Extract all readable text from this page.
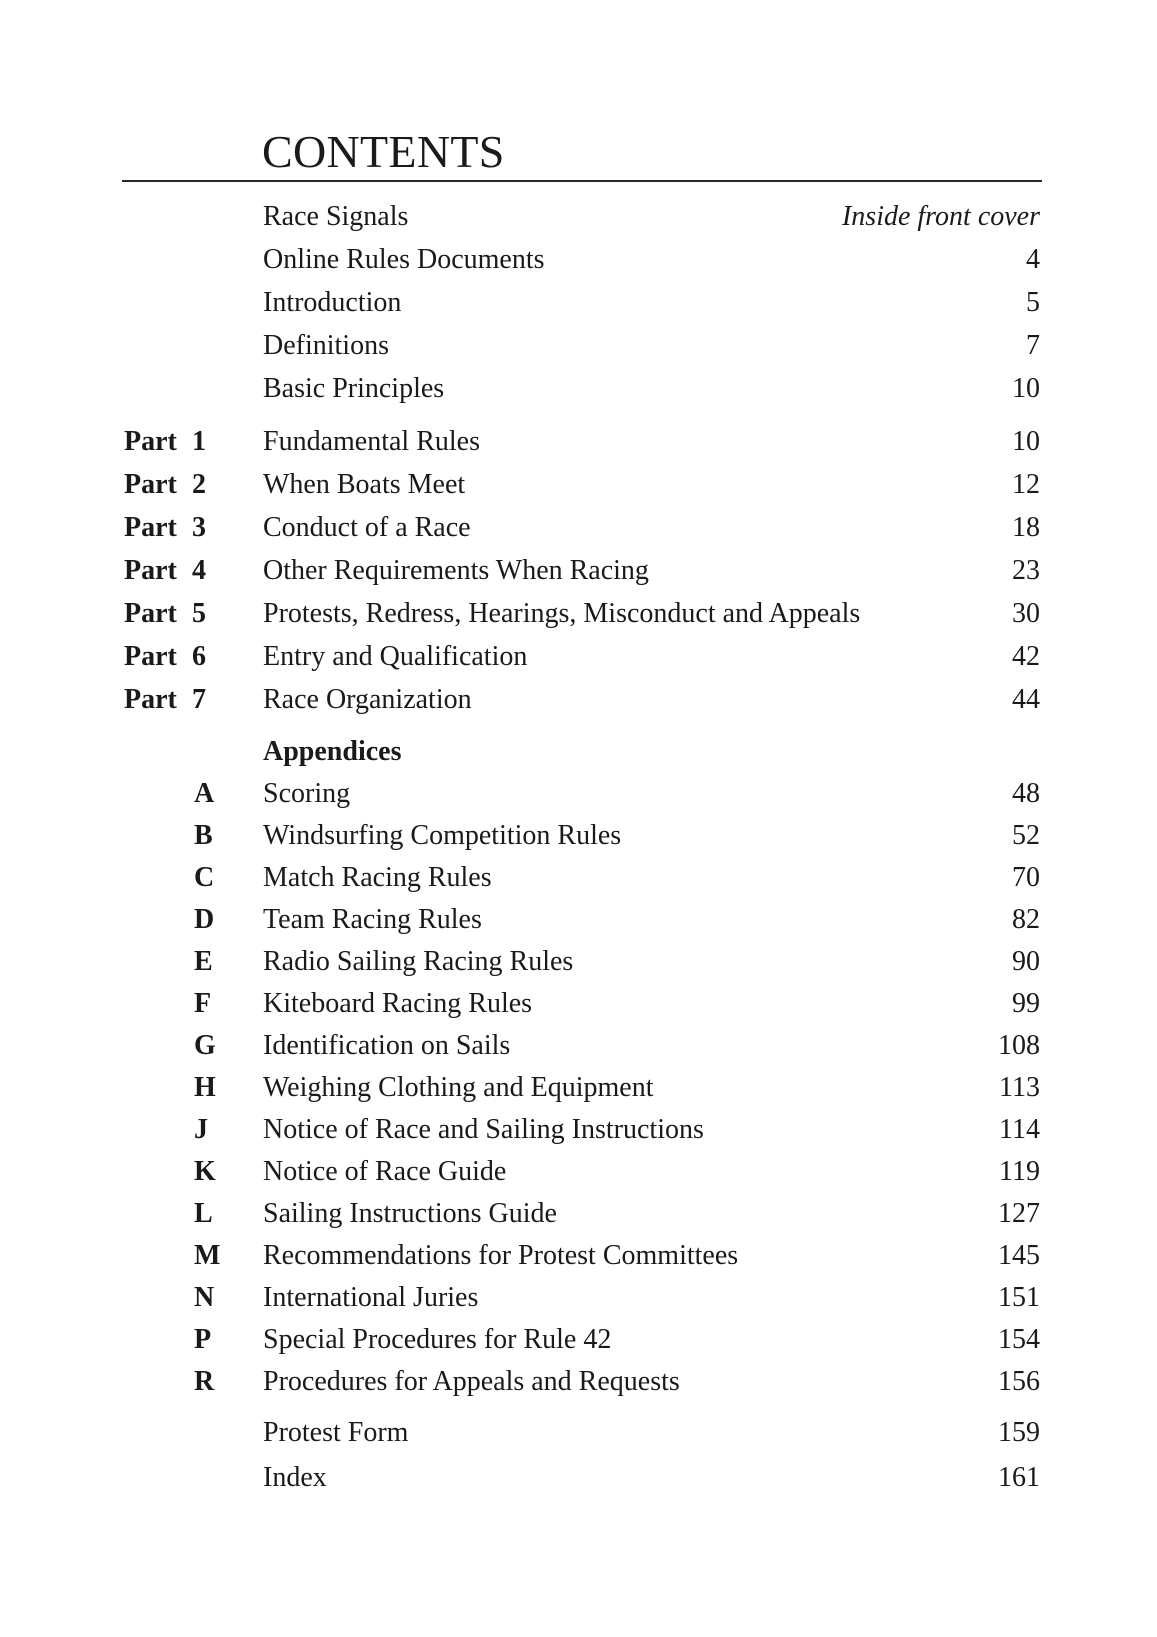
CONTENTS
Race Signals	Inside front cover
Online Rules Documents	4
Introduction	5
Definitions	7
Basic Principles	10
Part 1 Fundamental Rules	10
Part 2 When Boats Meet	12
Part 3 Conduct of a Race	18
Part 4 Other Requirements When Racing	23
Part 5 Protests, Redress, Hearings, Misconduct and Appeals	30
Part 6 Entry and Qualification	42
Part 7 Race Organization	44
Appendices
A Scoring	48
B Windsurfing Competition Rules	52
C Match Racing Rules	70
D Team Racing Rules	82
E Radio Sailing Racing Rules	90
F Kiteboard Racing Rules	99
G Identification on Sails	108
H Weighing Clothing and Equipment	113
J Notice of Race and Sailing Instructions	114
K Notice of Race Guide	119
L Sailing Instructions Guide	127
M Recommendations for Protest Committees	145
N International Juries	151
P Special Procedures for Rule 42	154
R Procedures for Appeals and Requests	156
Protest Form	159
Index	161
